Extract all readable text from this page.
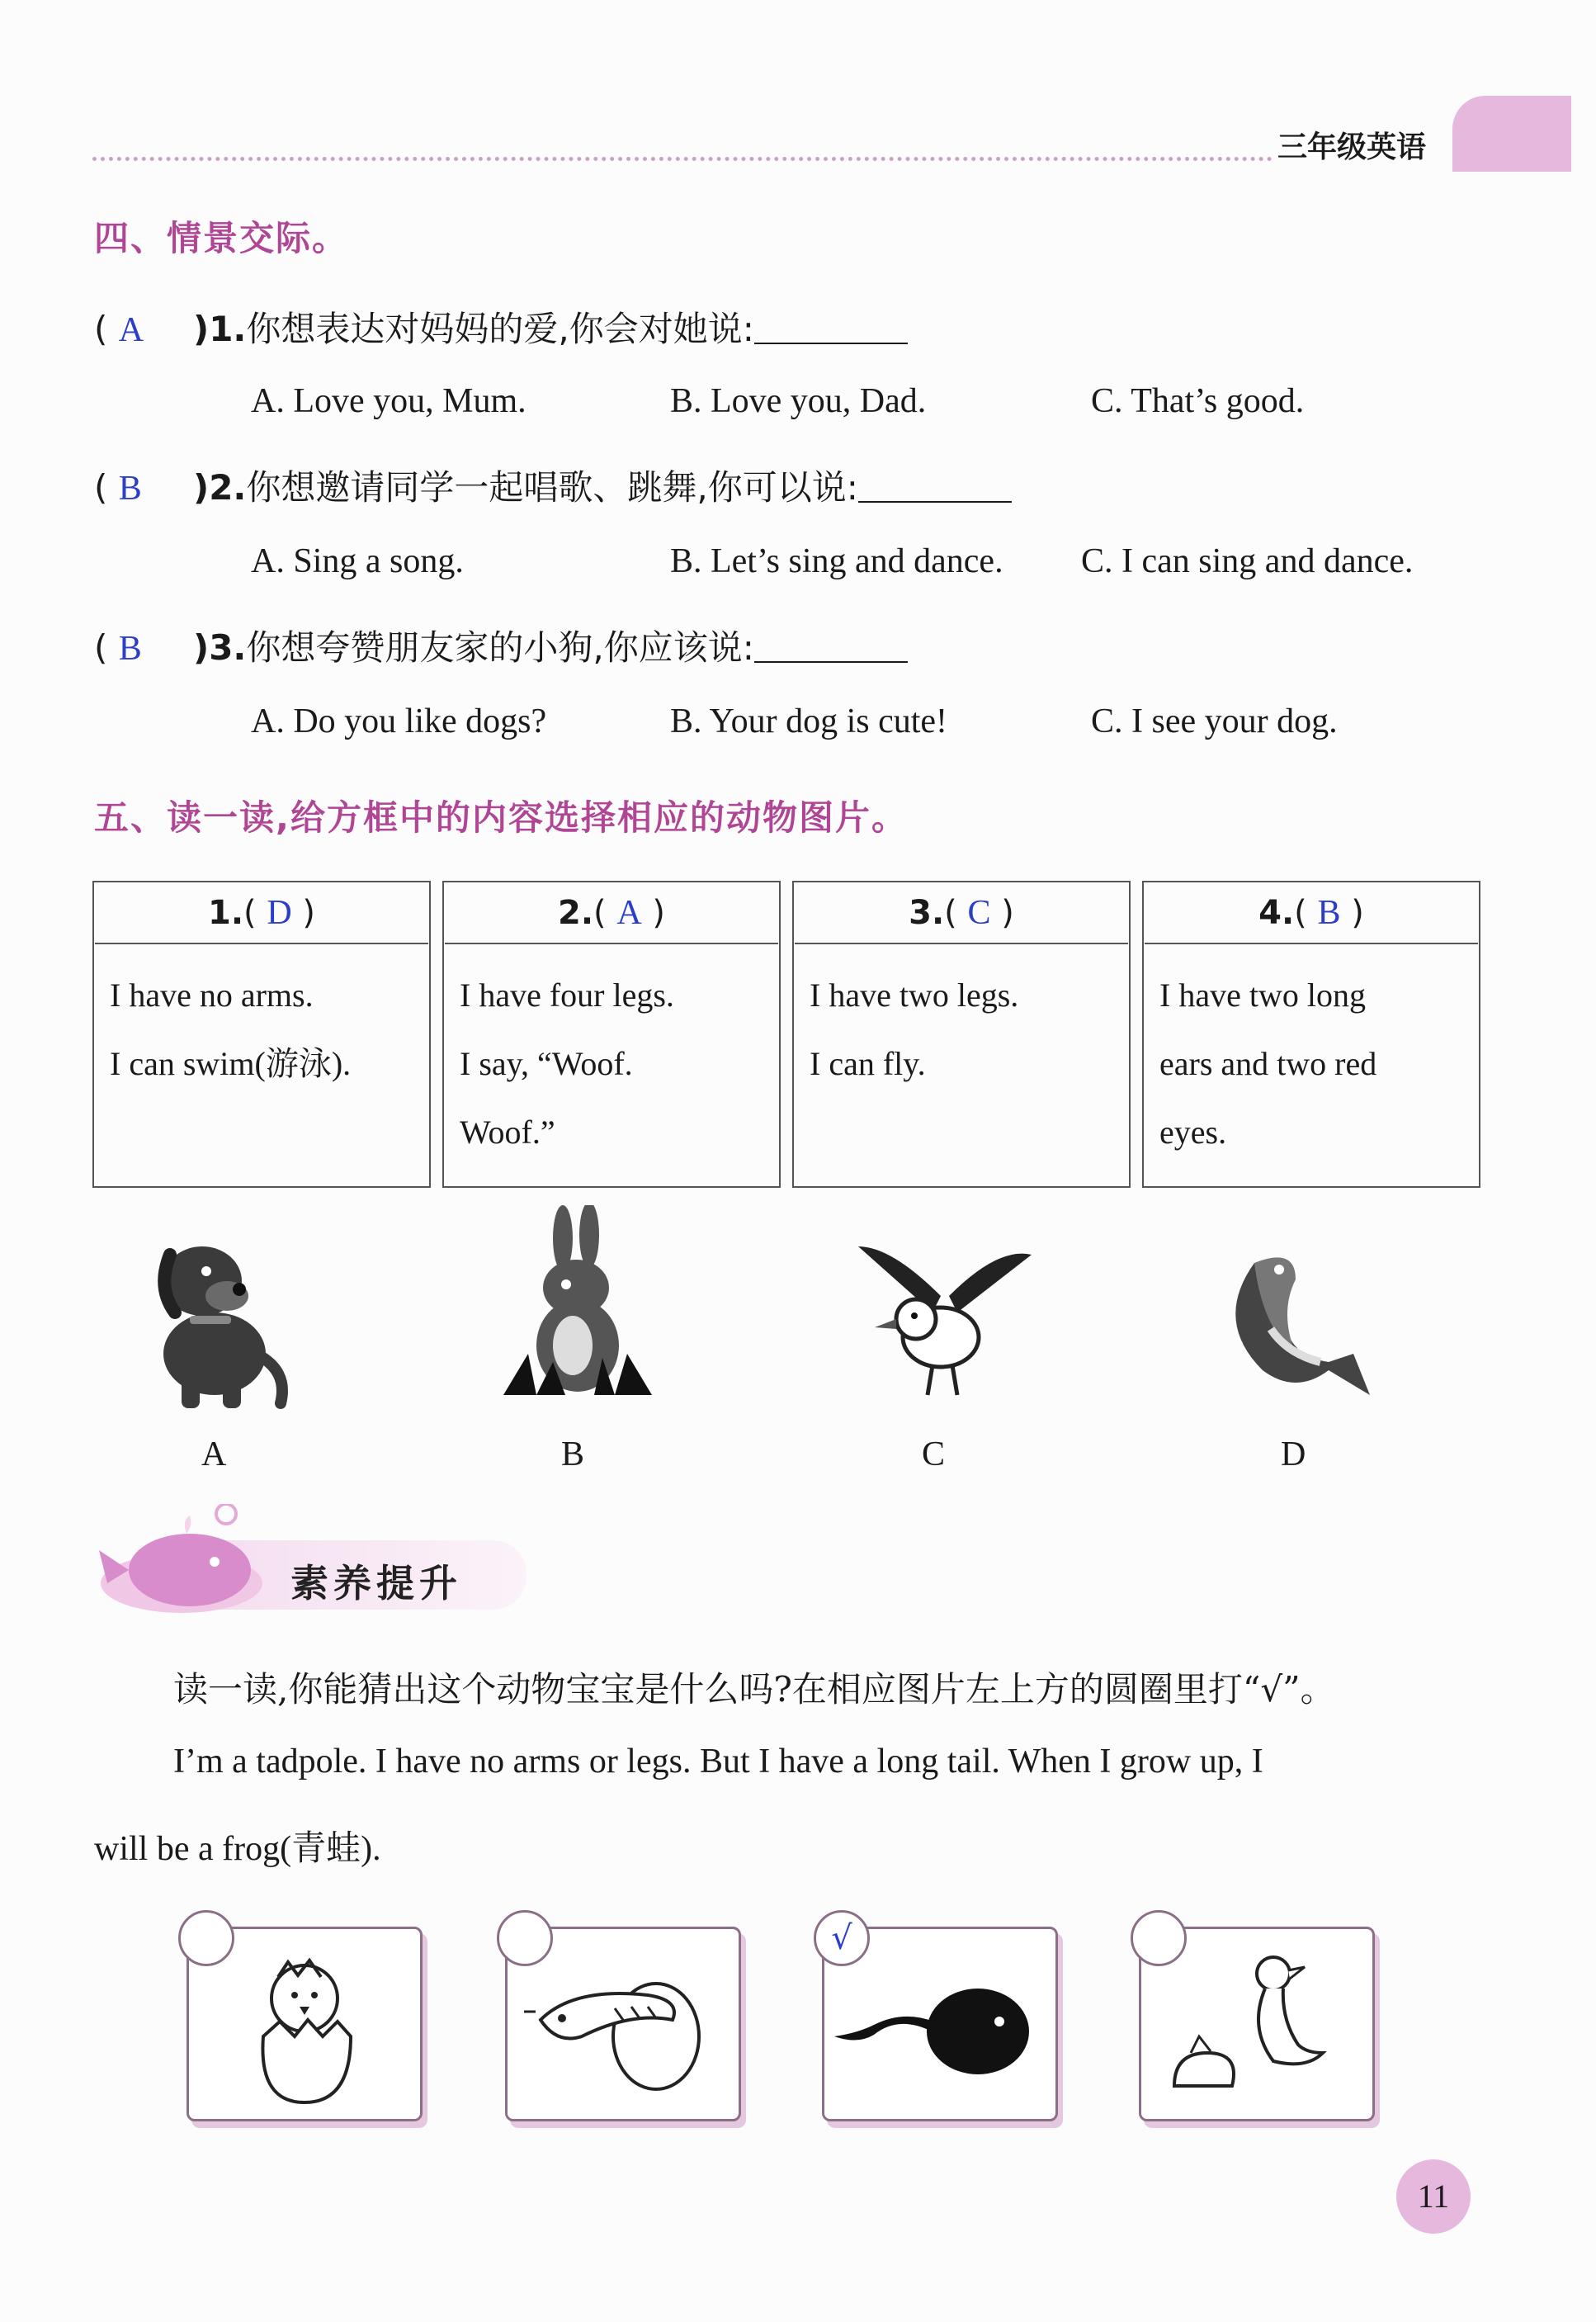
三年级英语
四、情景交际。
( A )1.你想表达对妈妈的爱,你会对她说:
A. Love you, Mum.	B. Love you, Dad.	C. That’s good.
( B )2.你想邀请同学一起唱歌、跳舞,你可以说:
A. Sing a song.	B. Let’s sing and dance. C. I can sing and dance.
( B )3.你想夸赞朋友家的小狗,你应该说:
A. Do you like dogs?	B. Your dog is cute!	C. I see your dog.
五、读一读,给方框中的内容选择相应的动物图片。
1.( D )
I have no arms.
I can swim(游泳).

2.( A )
I have four legs.
I say, “Woof.
Woof.”

3.( C )
I have two legs.
I can fly.

4.( B )
I have two long
ears and two red
eyes.
A	B	C	D
素养提升
读一读,你能猜出这个动物宝宝是什么吗?在相应图片左上方的圆圈里打“√”。
I’m a tadpole. I have no arms or legs. But I have a long tail. When I grow up, I
will be a frog(青蛙).
√
11
